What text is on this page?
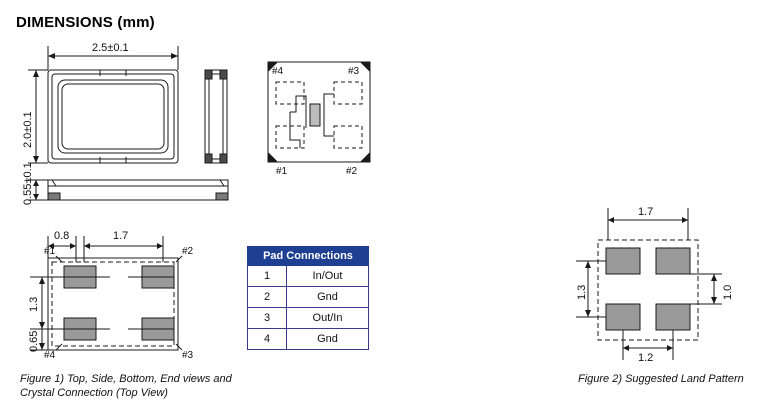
DIMENSIONS (mm)
2.5±0.1
2.0±0.1
0.55±0.1
#4	#3
#1	#2
0.8	1.7
1.3
0.65
#1	#2
#3
#4
1.7
1.3	1.0
1.2
Pad Connections	
1	In/Out
2	Gnd
3	Out/In
4	Gnd
Figure 1) Top, Side, Bottom, End views and
Crystal Connection (Top View)
Figure 2) Suggested Land Pattern
